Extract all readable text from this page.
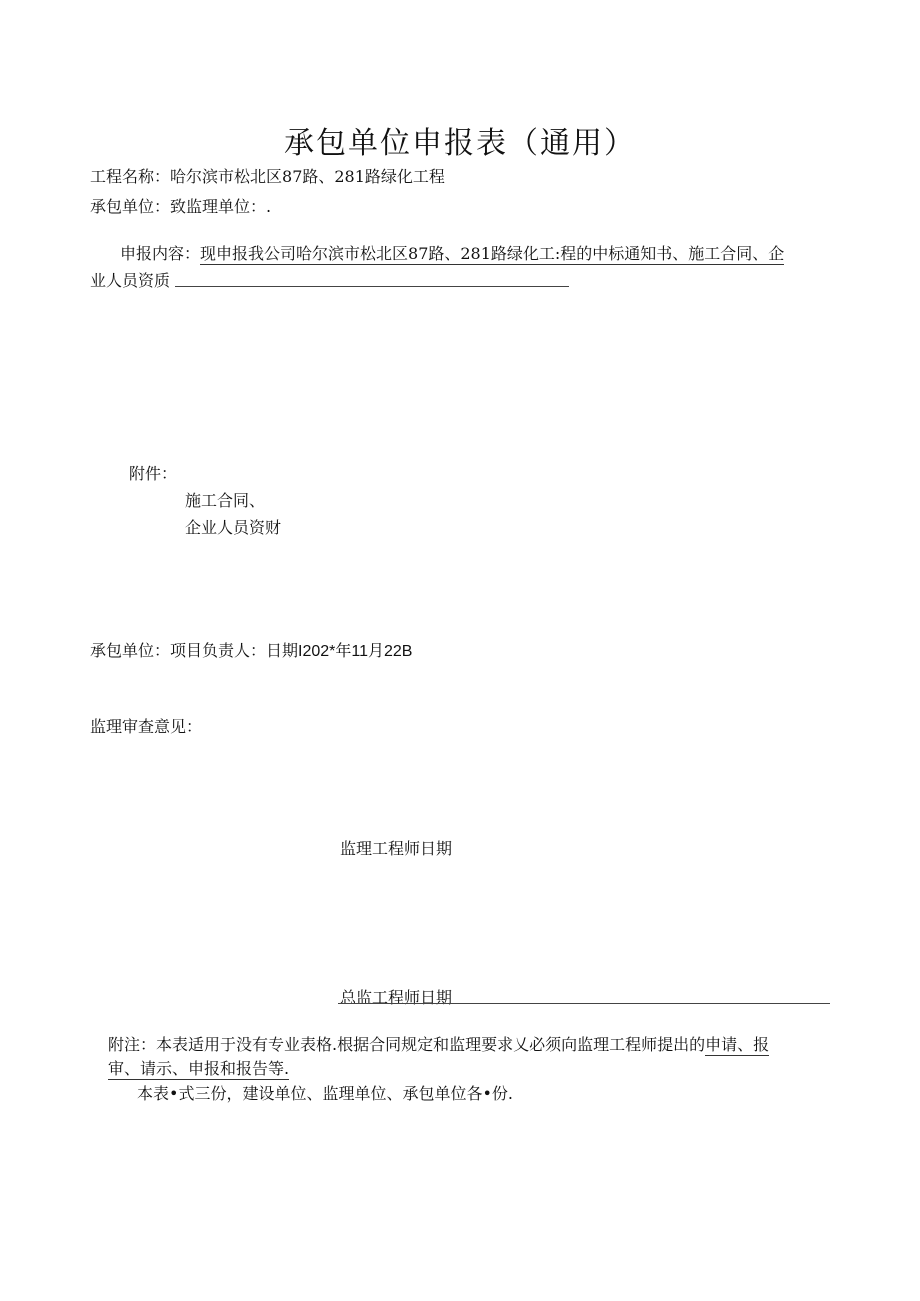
承包单位申报表（通用）
工程名称：哈尔滨市松北区87路、281路绿化工程
承包单位：致监理单位：.
申报内容：现申报我公司哈尔滨市松北区87路、281路绿化工:程的中标通知书、施工合同、企
业人员资质
附件：
施工合同、
企业人员资财
承包单位：项目负责人：日期I202*年11月22B
监理审查意见：
监理工程师日期
总监工程师日期
附注：本表适用于没有专业表格.根据合同规定和监理要求乂必须向监理工程师提出的申请、报
审、请示、申报和报告等.
本表•式三份，建设单位、监理单位、承包单位各•份.
